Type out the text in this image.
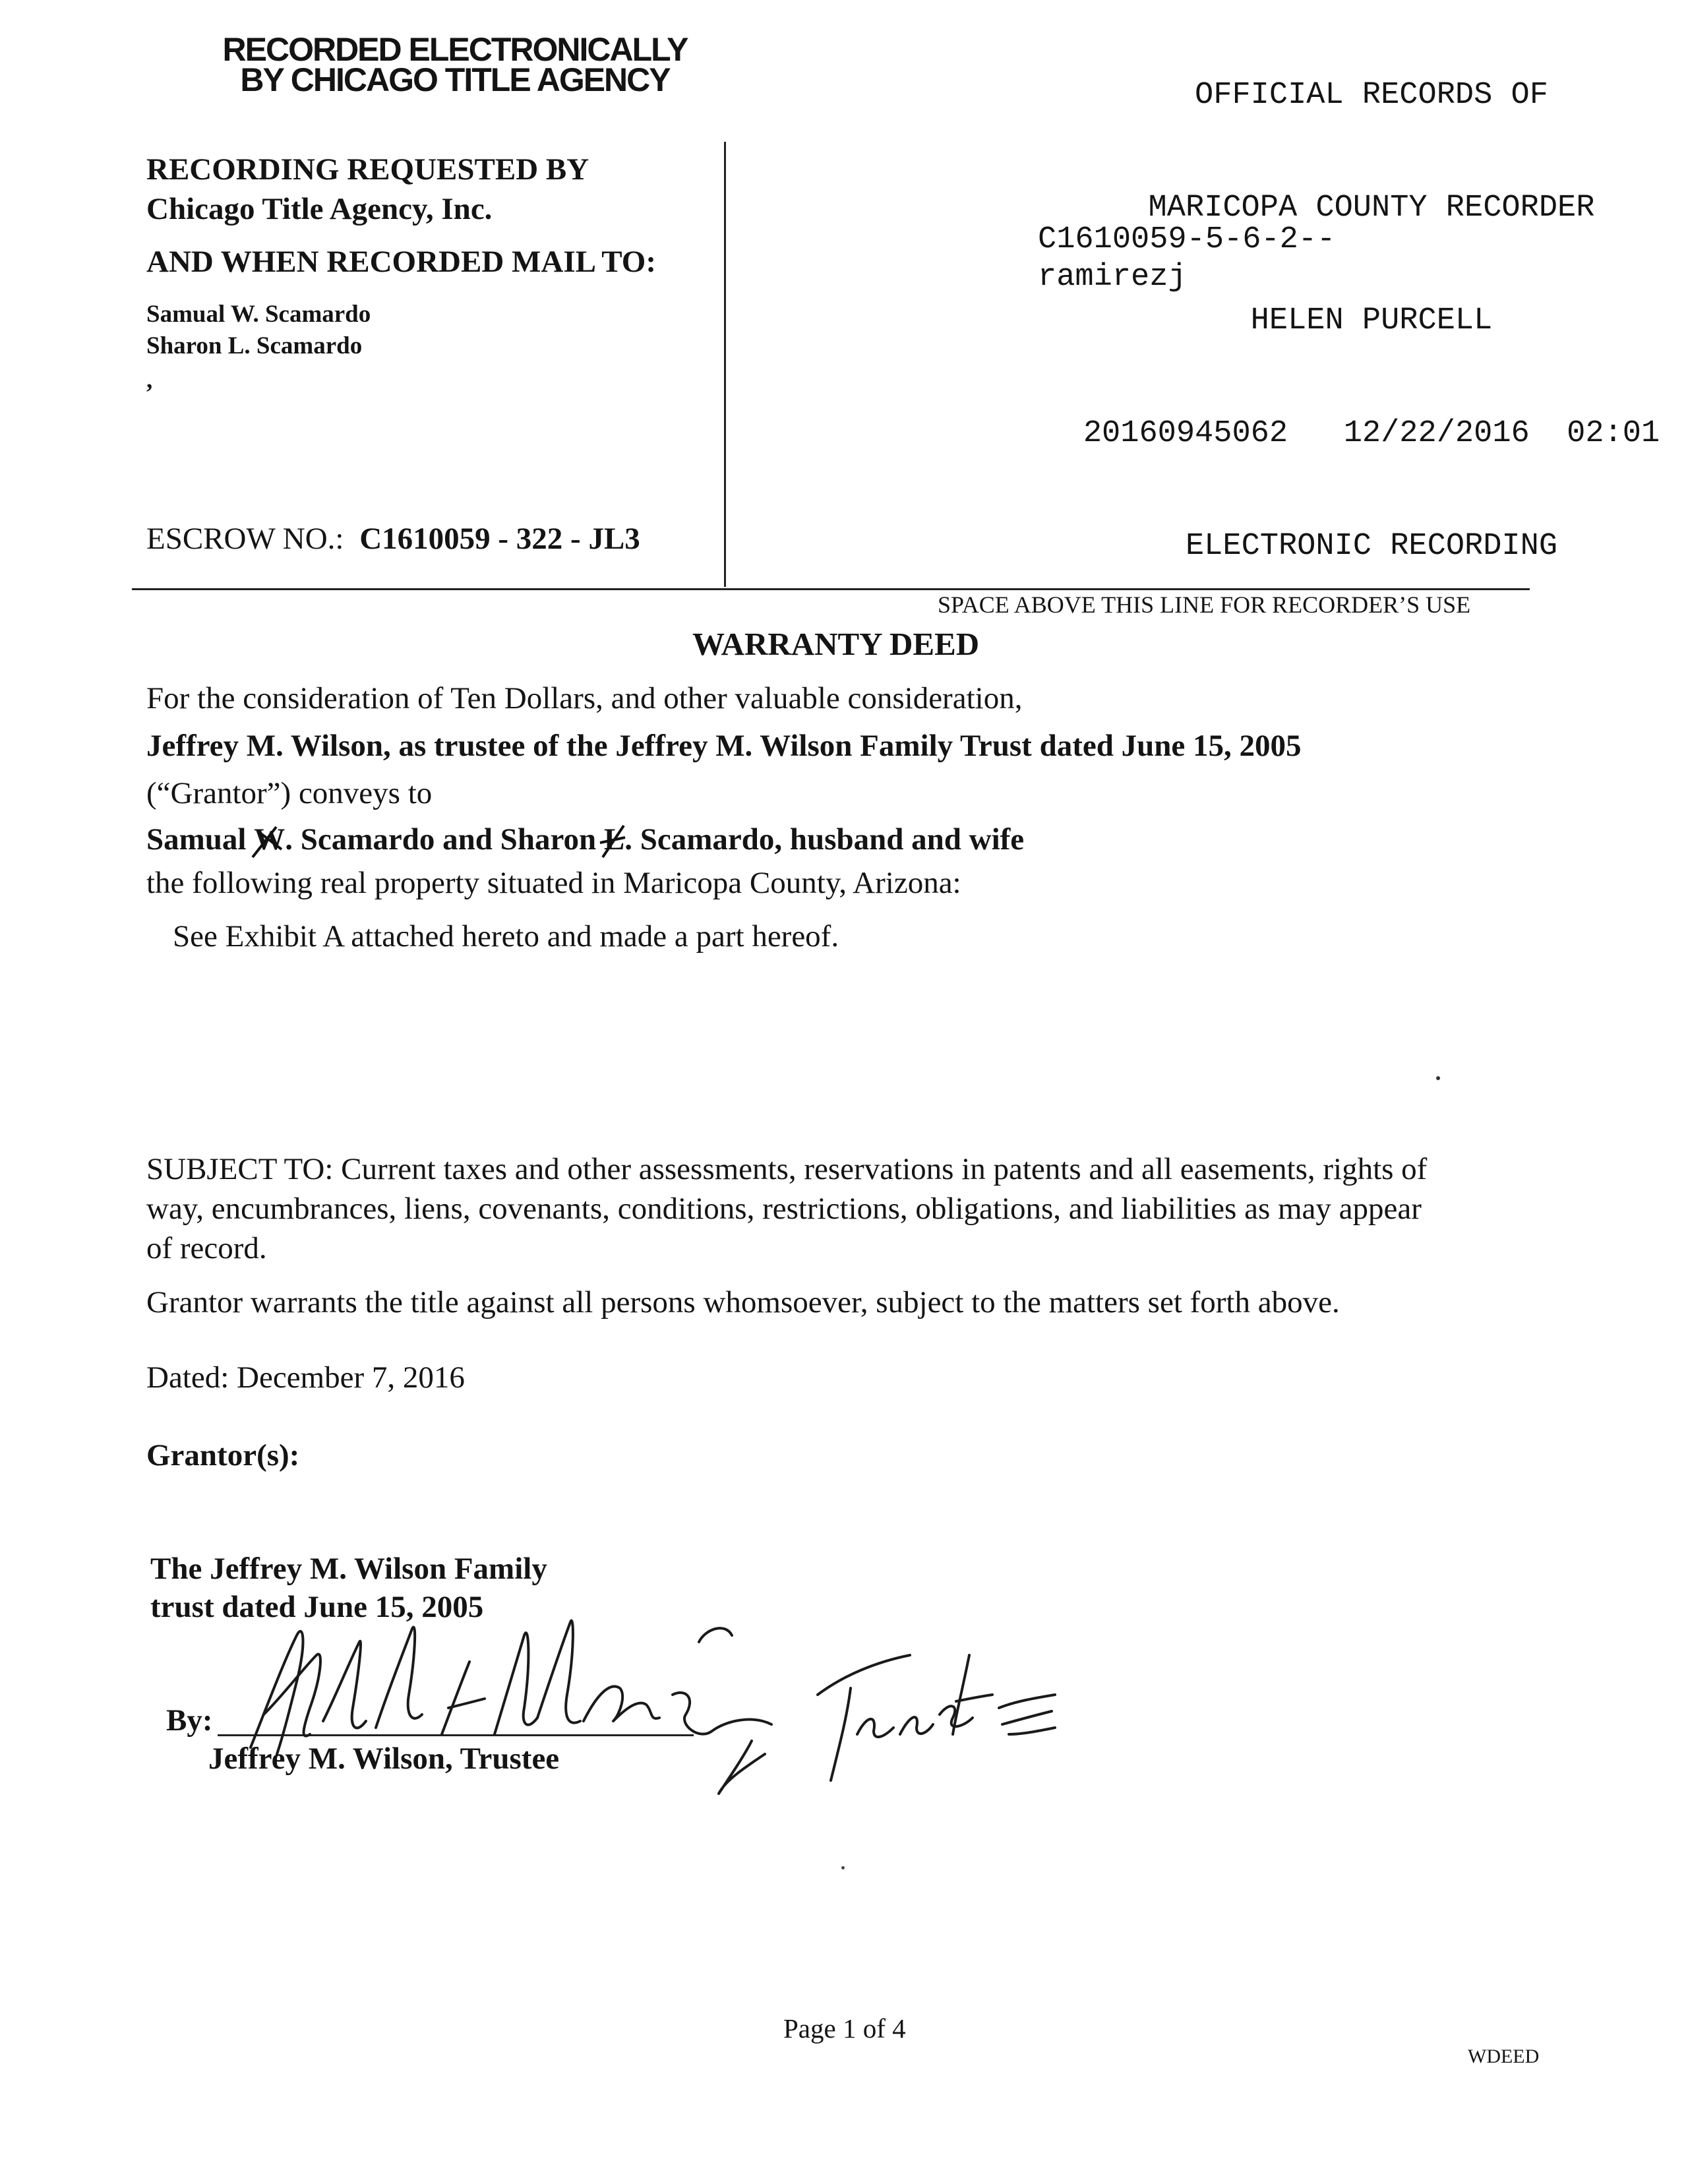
RECORDED ELECTRONICALLY
BY CHICAGO TITLE AGENCY

	OFFICIAL RECORDS OF

MARICOPA COUNTY RECORDER

HELEN PURCELL

20160945062   12/22/2016  02:01

ELECTRONIC RECORDING

C1610059-5-6-2--
ramirezj
RECORDING REQUESTED BY
Chicago Title Agency, Inc.
AND WHEN RECORDED MAIL TO:
Samual W. Scamardo
Sharon L. Scamardo
,
ESCROW NO.: C1610059 - 322 - JL3
SPACE ABOVE THIS LINE FOR RECORDER’S USE
WARRANTY DEED
For the consideration of Ten Dollars, and other valuable consideration,
Jeffrey M. Wilson, as trustee of the Jeffrey M. Wilson Family Trust dated June 15, 2005
(“Grantor”) conveys to
Samual W
. Scamardo and Sharon L
. Scamardo, husband and wife
the following real property situated in Maricopa County, Arizona:
See Exhibit A attached hereto and made a part hereof.
SUBJECT TO: Current taxes and other assessments, reservations in patents and all easements, rights of
way, encumbrances, liens, covenants, conditions, restrictions, obligations, and liabilities as may appear
of record.
Grantor warrants the title against all persons whomsoever, subject to the matters set forth above.
Dated: December 7, 2016
Grantor(s):
The Jeffrey M. Wilson Family
trust dated June 15, 2005
By:
Jeffrey M. Wilson, Trustee
Page 1 of 4
WDEED
